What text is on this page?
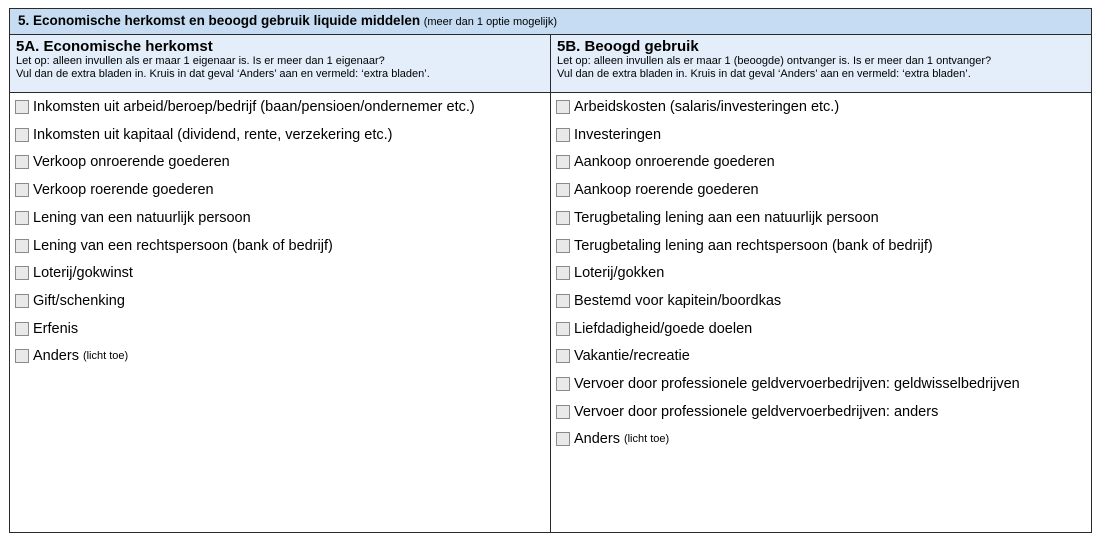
5. Economische herkomst en beoogd gebruik liquide middelen (meer dan 1 optie mogelijk)
5A. Economische herkomst
Let op: alleen invullen als er maar 1 eigenaar is. Is er meer dan 1 eigenaar?
Vul dan de extra bladen in. Kruis in dat geval ‘Anders’ aan en vermeld: ‘extra bladen’.
Inkomsten uit arbeid/beroep/bedrijf (baan/pensioen/ondernemer etc.)
Inkomsten uit kapitaal (dividend, rente, verzekering etc.)
Verkoop onroerende goederen
Verkoop roerende goederen
Lening van een natuurlijk persoon
Lening van een rechtspersoon (bank of bedrijf)
Loterij/gokwinst
Gift/schenking
Erfenis
Anders (licht toe)
5B. Beoogd gebruik
Let op: alleen invullen als er maar 1 (beoogde) ontvanger is. Is er meer dan 1 ontvanger?
Vul dan de extra bladen in. Kruis in dat geval ‘Anders’ aan en vermeld: ‘extra bladen’.
Arbeidskosten (salaris/investeringen etc.)
Investeringen
Aankoop onroerende goederen
Aankoop roerende goederen
Terugbetaling lening aan een natuurlijk persoon
Terugbetaling lening aan rechtspersoon (bank of bedrijf)
Loterij/gokken
Bestemd voor kapitein/boordkas
Liefdadigheid/goede doelen
Vakantie/recreatie
Vervoer door professionele geldvervoerbedrijven: geldwisselbedrijven
Vervoer door professionele geldvervoerbedrijven: anders
Anders (licht toe)
